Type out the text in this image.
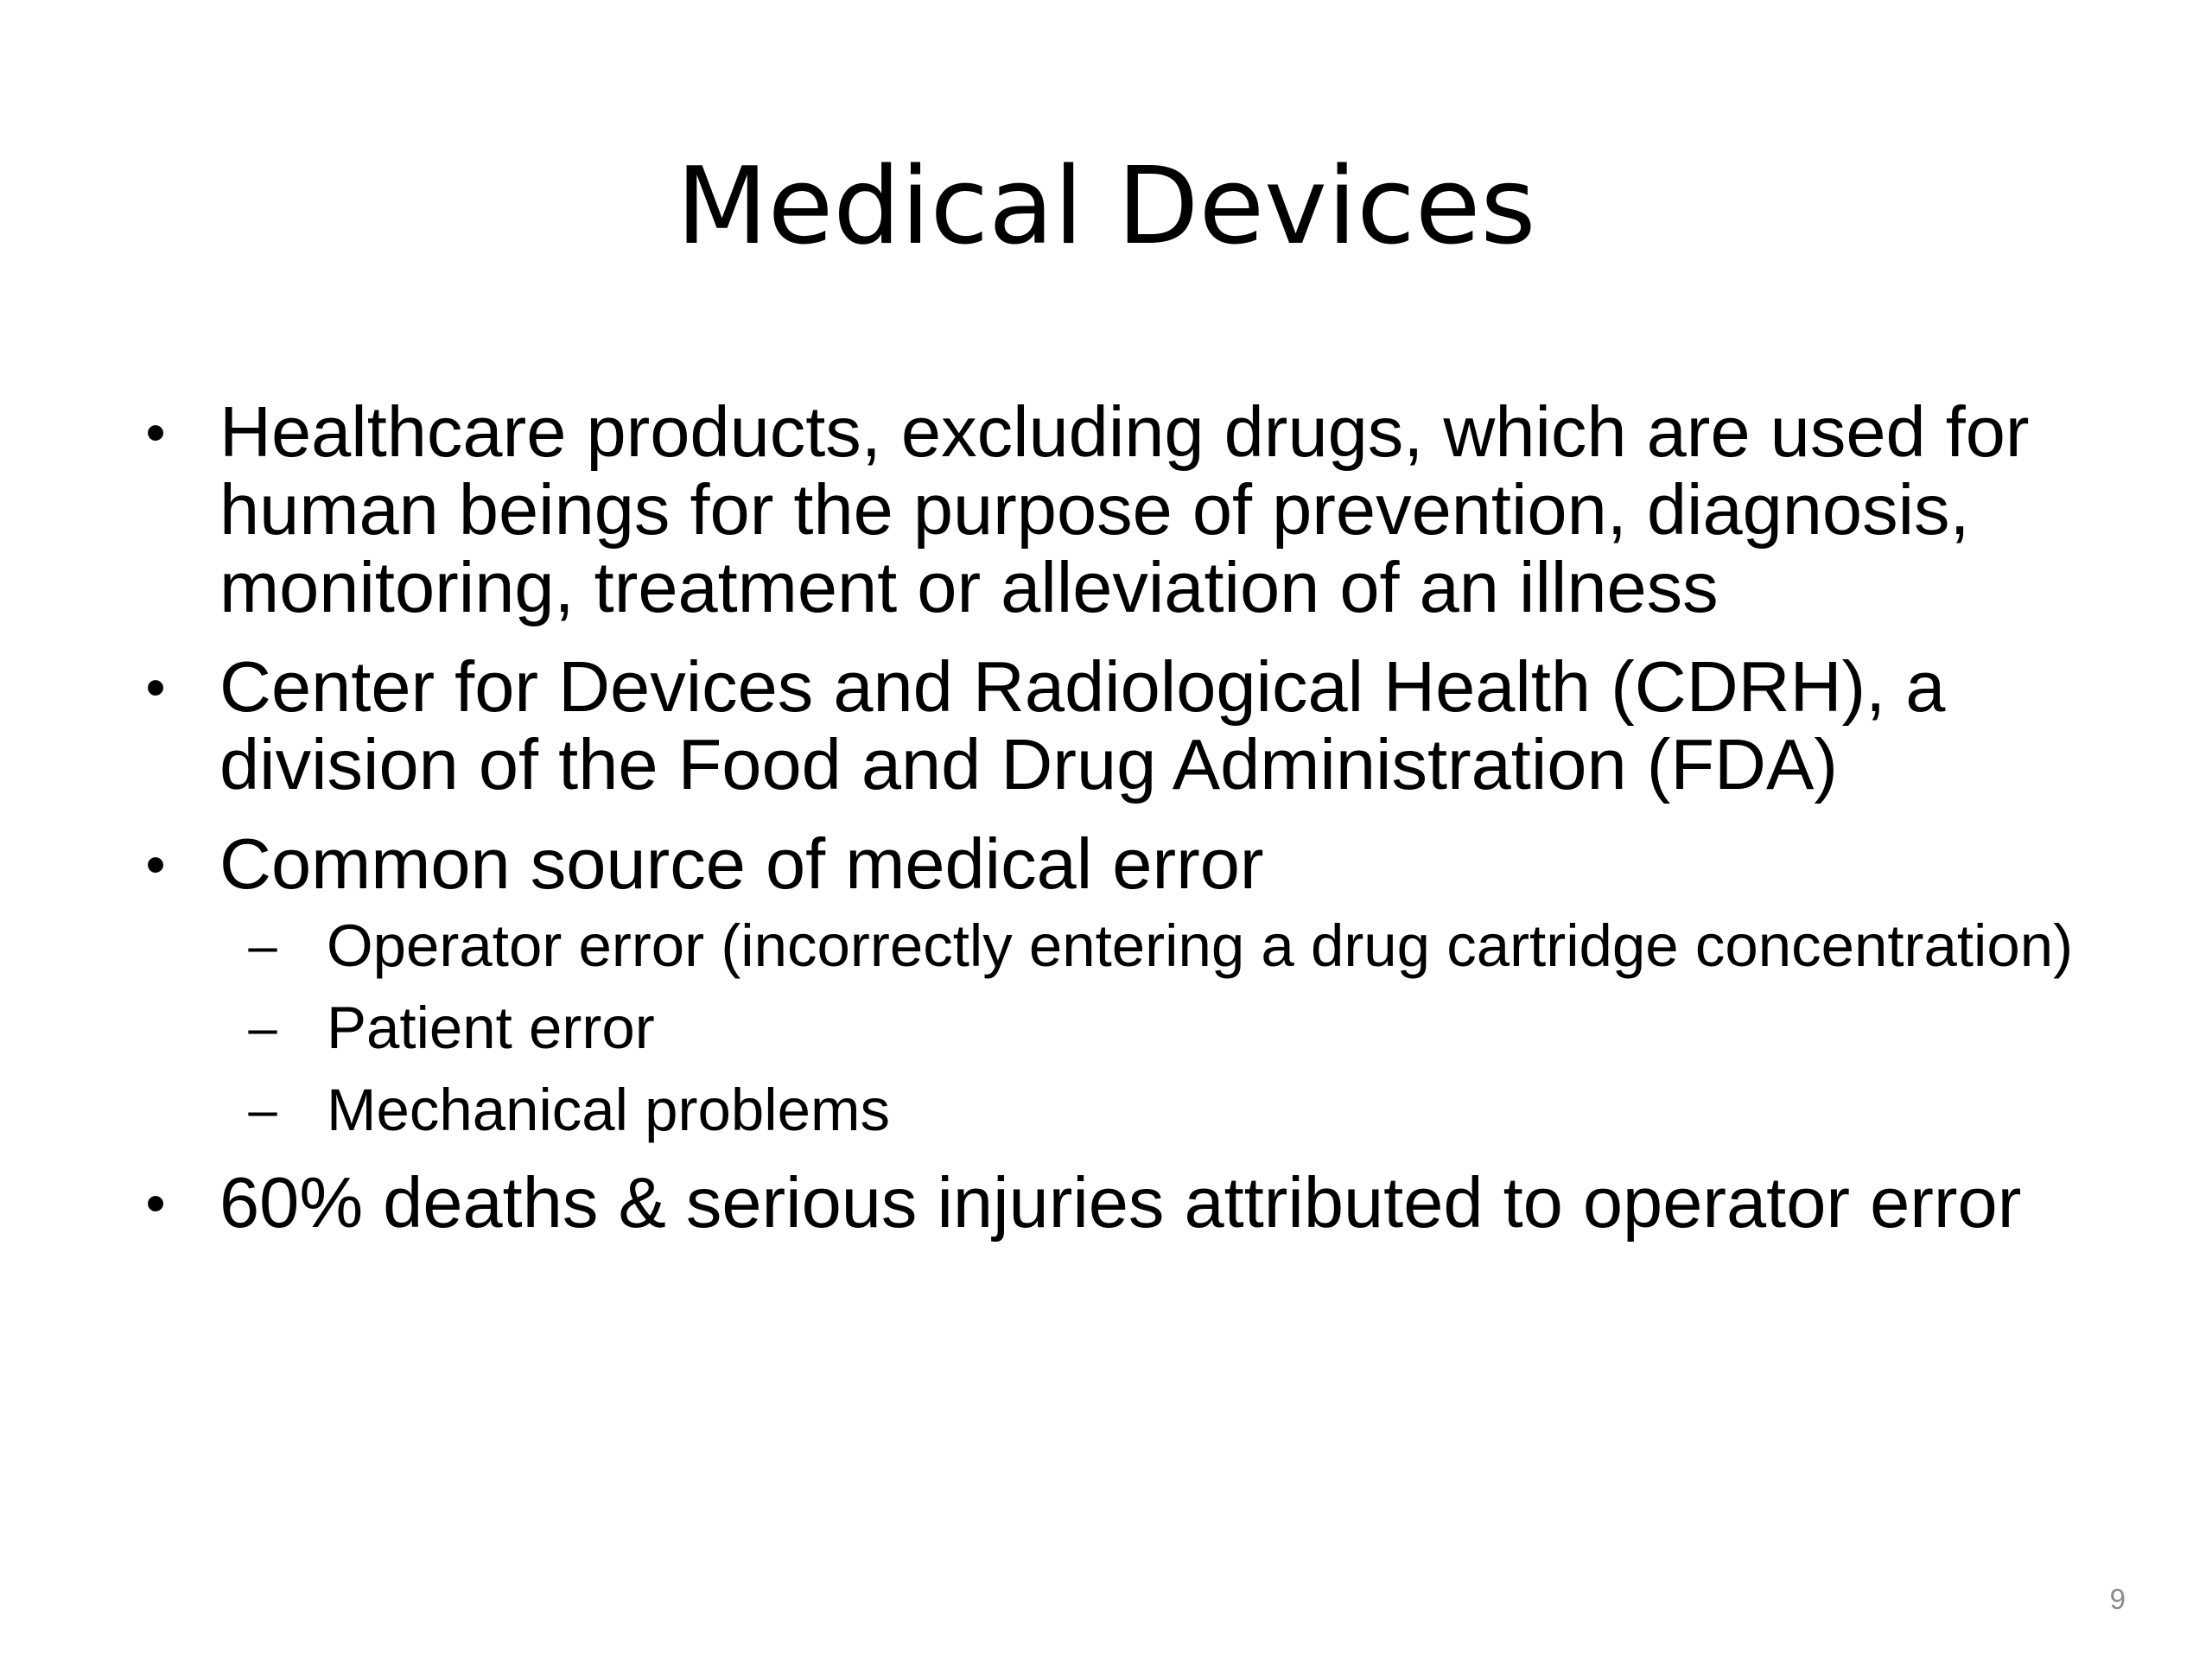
Medical Devices
• Healthcare products, excluding drugs, which are used for human beings for the purpose of prevention, diagnosis, monitoring, treatment or alleviation of an illness
• Center for Devices and Radiological Health (CDRH), a division of the Food and Drug Administration (FDA)
• Common source of medical error
– Operator error (incorrectly entering a drug cartridge concentration)
– Patient error
– Mechanical problems
• 60% deaths & serious injuries attributed to operator error
9
